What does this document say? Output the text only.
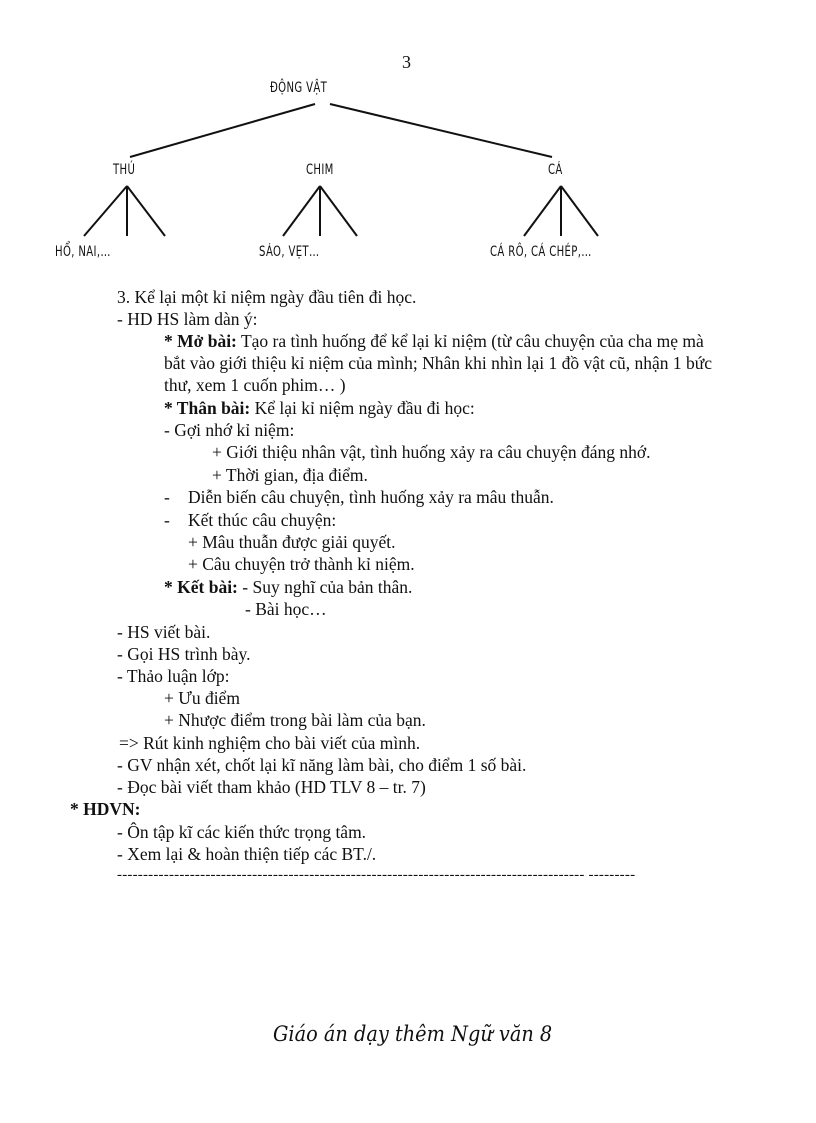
3
ĐỘNG VẬT
THÚ	CHIM	CÁ
HỔ, NAI,…	SÁO, VẸT…	CÁ RÔ, CÁ CHÉP,…
3. Kể lại một kỉ niệm ngày đầu tiên đi học.
- HD HS làm dàn ý:
* Mở bài: Tạo ra tình huống để kể lại kỉ niệm (từ câu chuyện của cha mẹ mà
bắt vào giới thiệu kỉ niệm của mình; Nhân khi nhìn lại 1 đồ vật cũ, nhận 1 bức
thư, xem 1 cuốn phim… )
* Thân bài: Kể lại kỉ niệm ngày đầu đi học:
- Gợi nhớ kỉ niệm:
+ Giới thiệu nhân vật, tình huống xảy ra câu chuyện đáng nhớ.
+ Thời gian, địa điểm.
- Diễn biến câu chuyện, tình huống xảy ra mâu thuẫn.
- Kết thúc câu chuyện:
+ Mâu thuẫn được giải quyết.
+ Câu chuyện trở thành kỉ niệm.
* Kết bài: - Suy nghĩ của bản thân.
- Bài học…
- HS viết bài.
- Gọi HS trình bày.
- Thảo luận lớp:
+ Ưu điểm
+ Nhược điểm trong bài làm của bạn.
=> Rút kinh nghiệm cho bài viết của mình.
- GV nhận xét, chốt lại kĩ năng làm bài, cho điểm 1 số bài.
- Đọc bài viết tham khảo (HD TLV 8 – tr. 7)
* HDVN:
- Ôn tập kĩ các kiến thức trọng tâm.
- Xem lại & hoàn thiện tiếp các BT./.
------------------------------------------------------------------------------------------ ---------
Giáo án dạy thêm Ngữ văn 8
